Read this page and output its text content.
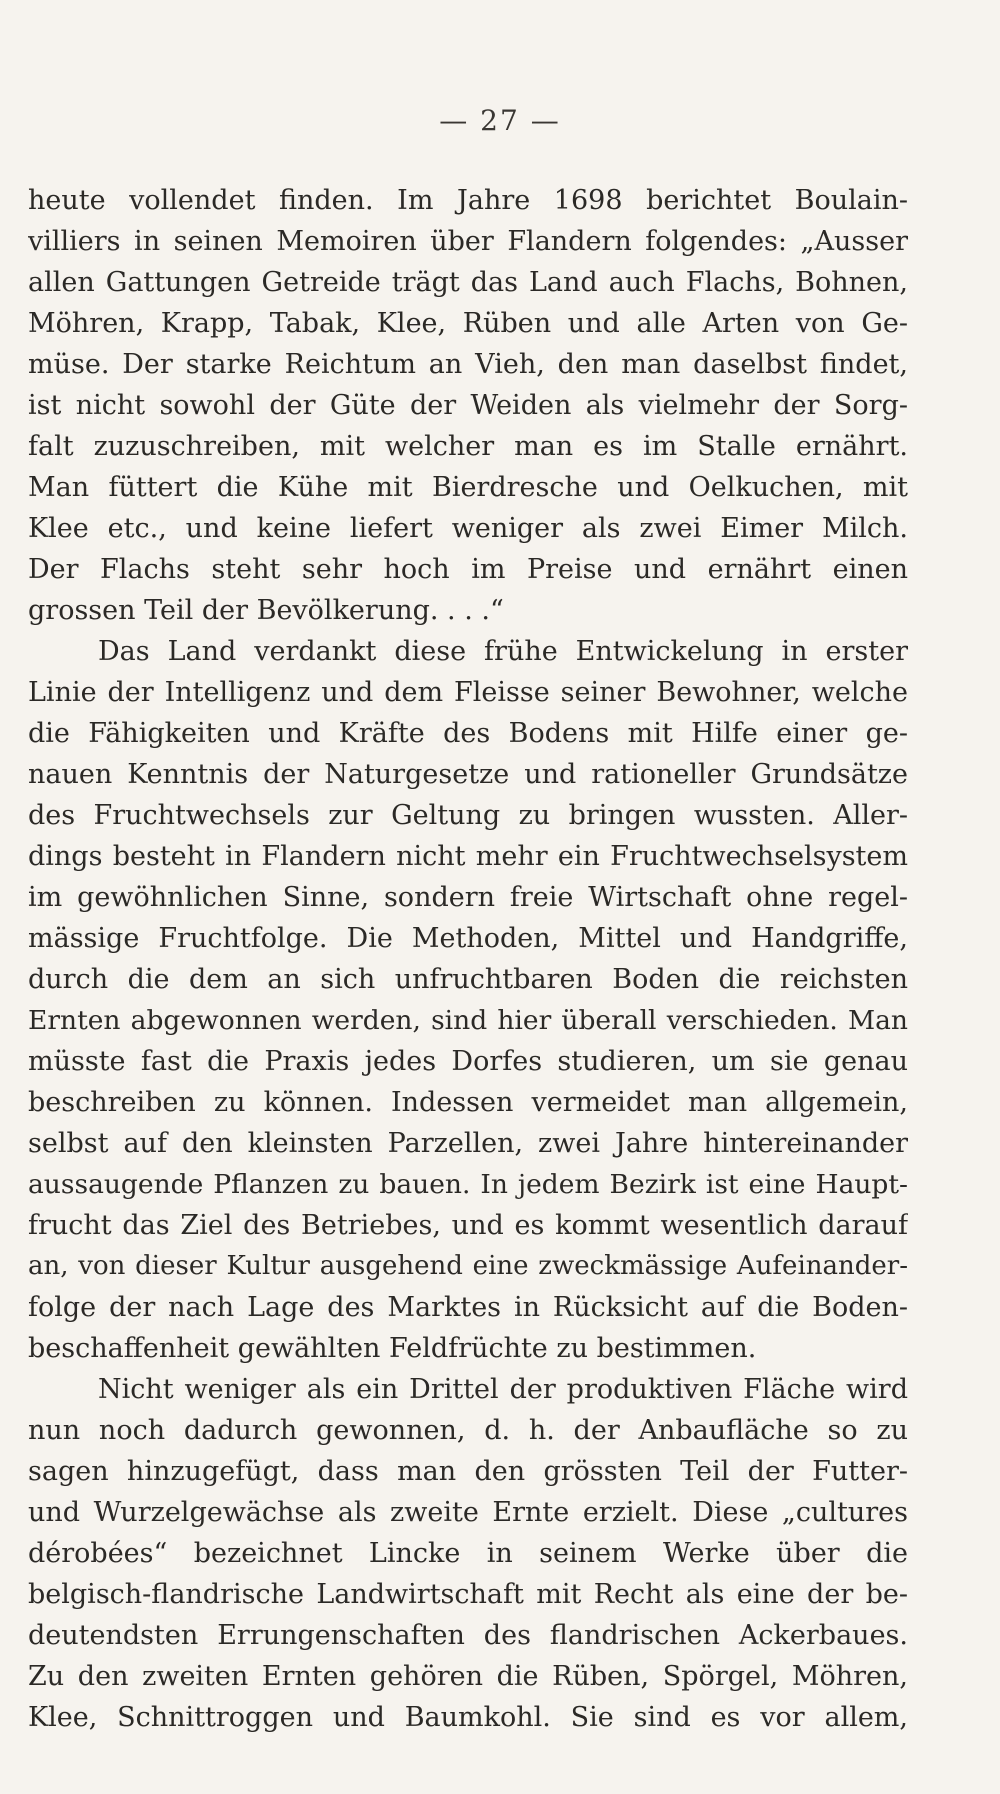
— 27 —
heute vollendet finden. Im Jahre 1698 berichtet Boulain-
villiers in seinen Memoiren über Flandern folgendes: „Ausser
allen Gattungen Getreide trägt das Land auch Flachs, Bohnen,
Möhren, Krapp, Tabak, Klee, Rüben und alle Arten von Ge-
müse. Der starke Reichtum an Vieh, den man daselbst findet,
ist nicht sowohl der Güte der Weiden als vielmehr der Sorg-
falt zuzuschreiben, mit welcher man es im Stalle ernährt.
Man füttert die Kühe mit Bierdresche und Oelkuchen, mit
Klee etc., und keine liefert weniger als zwei Eimer Milch.
Der Flachs steht sehr hoch im Preise und ernährt einen
grossen Teil der Bevölkerung. . . .“
Das Land verdankt diese frühe Entwickelung in erster
Linie der Intelligenz und dem Fleisse seiner Bewohner, welche
die Fähigkeiten und Kräfte des Bodens mit Hilfe einer ge-
nauen Kenntnis der Naturgesetze und rationeller Grundsätze
des Fruchtwechsels zur Geltung zu bringen wussten. Aller-
dings besteht in Flandern nicht mehr ein Fruchtwechselsystem
im gewöhnlichen Sinne, sondern freie Wirtschaft ohne regel-
mässige Fruchtfolge. Die Methoden, Mittel und Handgriffe,
durch die dem an sich unfruchtbaren Boden die reichsten
Ernten abgewonnen werden, sind hier überall verschieden. Man
müsste fast die Praxis jedes Dorfes studieren, um sie genau
beschreiben zu können. Indessen vermeidet man allgemein,
selbst auf den kleinsten Parzellen, zwei Jahre hintereinander
aussaugende Pflanzen zu bauen. In jedem Bezirk ist eine Haupt-
frucht das Ziel des Betriebes, und es kommt wesentlich darauf
an, von dieser Kultur ausgehend eine zweckmässige Aufeinander-
folge der nach Lage des Marktes in Rücksicht auf die Boden-
beschaffenheit gewählten Feldfrüchte zu bestimmen.
Nicht weniger als ein Drittel der produktiven Fläche wird
nun noch dadurch gewonnen, d. h. der Anbaufläche so zu
sagen hinzugefügt, dass man den grössten Teil der Futter-
und Wurzelgewächse als zweite Ernte erzielt. Diese „cultures
dérobées“ bezeichnet Lincke in seinem Werke über die
belgisch-flandrische Landwirtschaft mit Recht als eine der be-
deutendsten Errungenschaften des flandrischen Ackerbaues.
Zu den zweiten Ernten gehören die Rüben, Spörgel, Möhren,
Klee, Schnittroggen und Baumkohl. Sie sind es vor allem,
